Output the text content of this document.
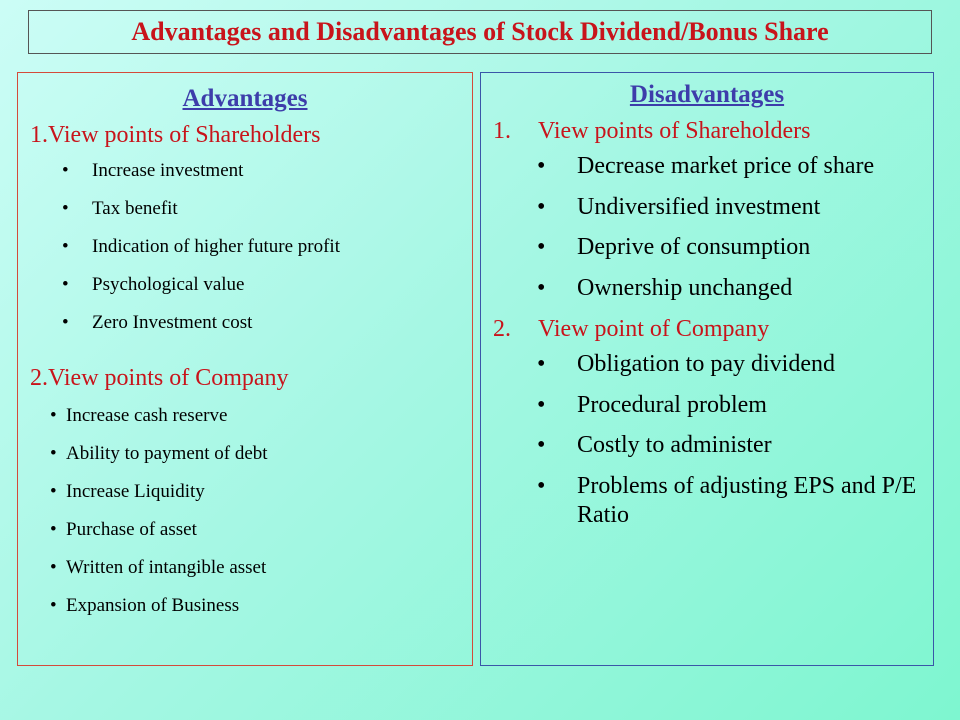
Advantages and Disadvantages of Stock Dividend/Bonus Share
Advantages
1.View points of Shareholders
• Increase investment
• Tax benefit
• Indication of higher future profit
• Psychological value
• Zero Investment cost
2.View points of Company
• Increase cash reserve
• Ability to payment of debt
• Increase Liquidity
• Purchase of asset
• Written of intangible asset
• Expansion of Business
Disadvantages
1. View points of Shareholders
• Decrease market price of share
• Undiversified investment
• Deprive of consumption
• Ownership unchanged
2. View point of Company
• Obligation to pay dividend
• Procedural problem
• Costly to administer
• Problems of adjusting EPS and P/E Ratio
